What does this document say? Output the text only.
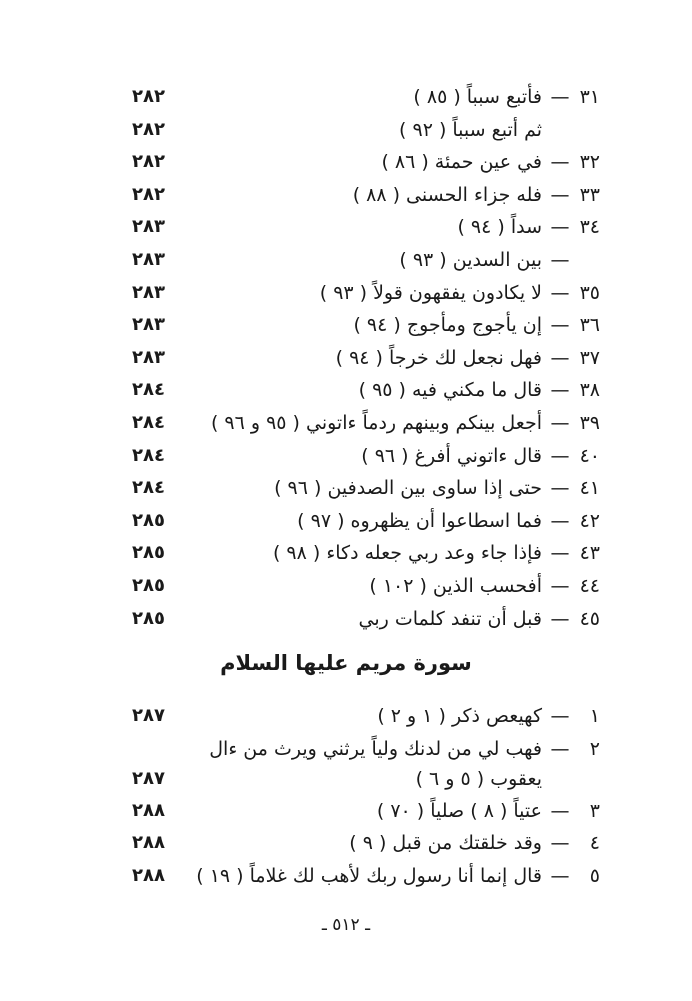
٣١—فأتبع سبباً ( ٨٥ )
٢٨٢
ثم أتبع سبباً ( ٩٢ )
٢٨٢
٣٢—في عين حمئة ( ٨٦ )
٢٨٢
٣٣—فله جزاء الحسنى ( ٨٨ )
٢٨٢
٣٤—سداً ( ٩٤ )
٢٨٣
—بين السدين ( ٩٣ )
٢٨٣
٣٥—لا يكادون يفقهون قولاً ( ٩٣ )
٢٨٣
٣٦—إن يأجوج ومأجوج ( ٩٤ )
٢٨٣
٣٧—فهل نجعل لك خرجاً ( ٩٤ )
٢٨٣
٣٨—قال ما مكني فيه ( ٩٥ )
٢٨٤
٣٩—أجعل بينكم وبينهم ردماً ءاتوني ( ٩٥ و ٩٦ )
٢٨٤
٤٠—قال ءاتوني أفرغ ( ٩٦ )
٢٨٤
٤١—حتى إذا ساوى بين الصدفين ( ٩٦ )
٢٨٤
٤٢—فما اسطاعوا أن يظهروه ( ٩٧ )
٢٨٥
٤٣—فإذا جاء وعد ربي جعله دكاء ( ٩٨ )
٢٨٥
٤٤—أفحسب الذين ( ١٠٢ )
٢٨٥
٤٥—قبل أن تنفد كلمات ربي
٢٨٥
سورة مريم عليها السلام
١—كهيعص ذكر ( ١ و ٢ )
٢٨٧
٢—فهب لي من لدنك ولياً يرثني ويرث من ءال
يعقوب ( ٥ و ٦ )
٢٨٧
٣—عتياً ( ٨ ) صلياً ( ٧٠ )
٢٨٨
٤—وقد خلقتك من قبل ( ٩ )
٢٨٨
٥—قال إنما أنا رسول ربك لأهب لك غلاماً ( ١٩ )
٢٨٨
ـ ٥١٢ ـ
